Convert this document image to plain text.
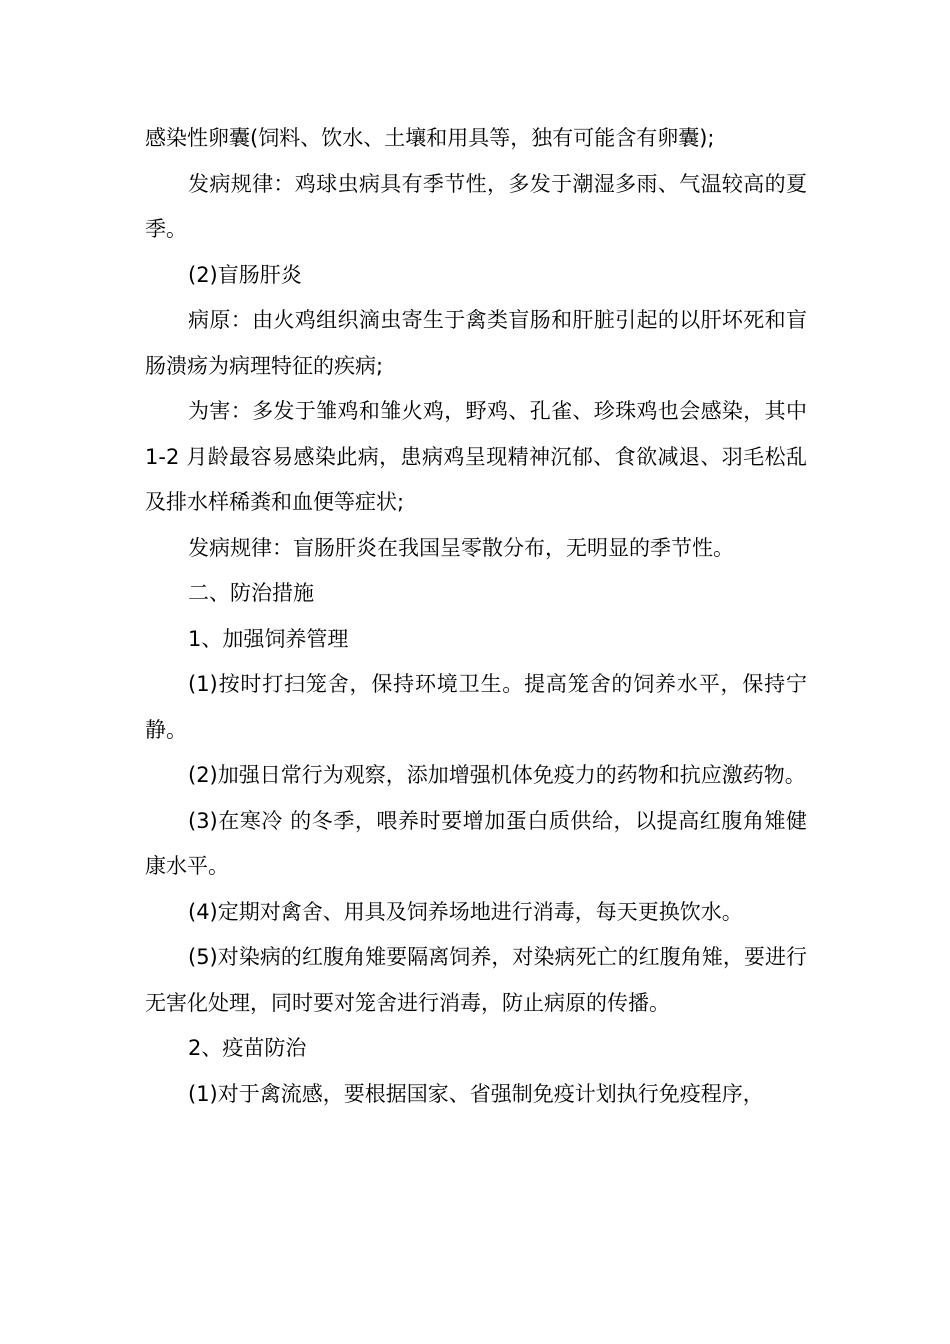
感染性卵囊(饲料、饮水、土壤和用具等，独有可能含有卵囊);

发病规律：鸡球虫病具有季节性，多发于潮湿多雨、气温较高的夏季。

(2)盲肠肝炎

病原：由火鸡组织滴虫寄生于禽类盲肠和肝脏引起的以肝坏死和盲肠溃疡为病理特征的疾病;

为害：多发于雏鸡和雏火鸡，野鸡、孔雀、珍珠鸡也会感染，其中 1-2 月龄最容易感染此病，患病鸡呈现精神沉郁、食欲减退、羽毛松乱及排水样稀粪和血便等症状;

发病规律：盲肠肝炎在我国呈零散分布，无明显的季节性。

二、防治措施

1、加强饲养管理

(1)按时打扫笼舍，保持环境卫生。提高笼舍的饲养水平，保持宁静。

(2)加强日常行为观察，添加增强机体免疫力的药物和抗应激药物。

(3)在寒冷 的冬季，喂养时要增加蛋白质供给，以提高红腹角雉健康水平。

(4)定期对禽舍、用具及饲养场地进行消毒，每天更换饮水。

(5)对染病的红腹角雉要隔离饲养，对染病死亡的红腹角雉，要进行无害化处理，同时要对笼舍进行消毒，防止病原的传播。

2、疫苗防治

(1)对于禽流感，要根据国家、省强制免疫计划执行免疫程序，
